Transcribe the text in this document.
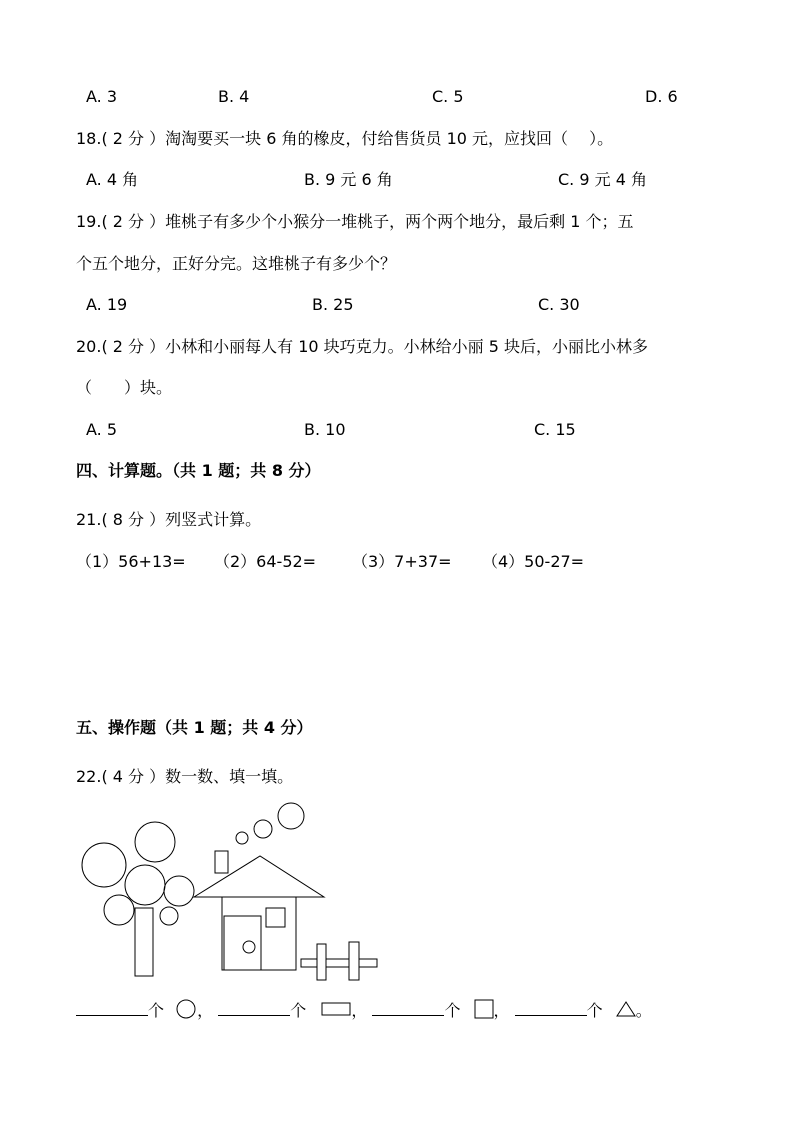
A. 3	B. 4	C. 5	D. 6
18.( 2 分 ）淘淘要买一块 6 角的橡皮，付给售货员 10 元，应找回（　 ）。
A. 4 角	B. 9 元 6 角	C. 9 元 4 角
19.( 2 分 ）堆桃子有多少个小猴分一堆桃子，两个两个地分，最后剩 1 个；五
个五个地分，正好分完。这堆桃子有多少个？
A. 19	B. 25	C. 30
20.( 2 分 ）小林和小丽每人有 10 块巧克力。小林给小丽 5 块后，小丽比小林多
（　　）块。
A. 5	B. 10	C. 15
四、计算题。（共 1 题；共 8 分）
21.( 8 分 ）列竖式计算。
（1）56+13= （2）64-52= （3）7+37= （4）50-27=
五、操作题（共 1 题；共 4 分）
22.( 4 分 ）数一数、填一填。
个 ，	个	，	个 ，	个 。
